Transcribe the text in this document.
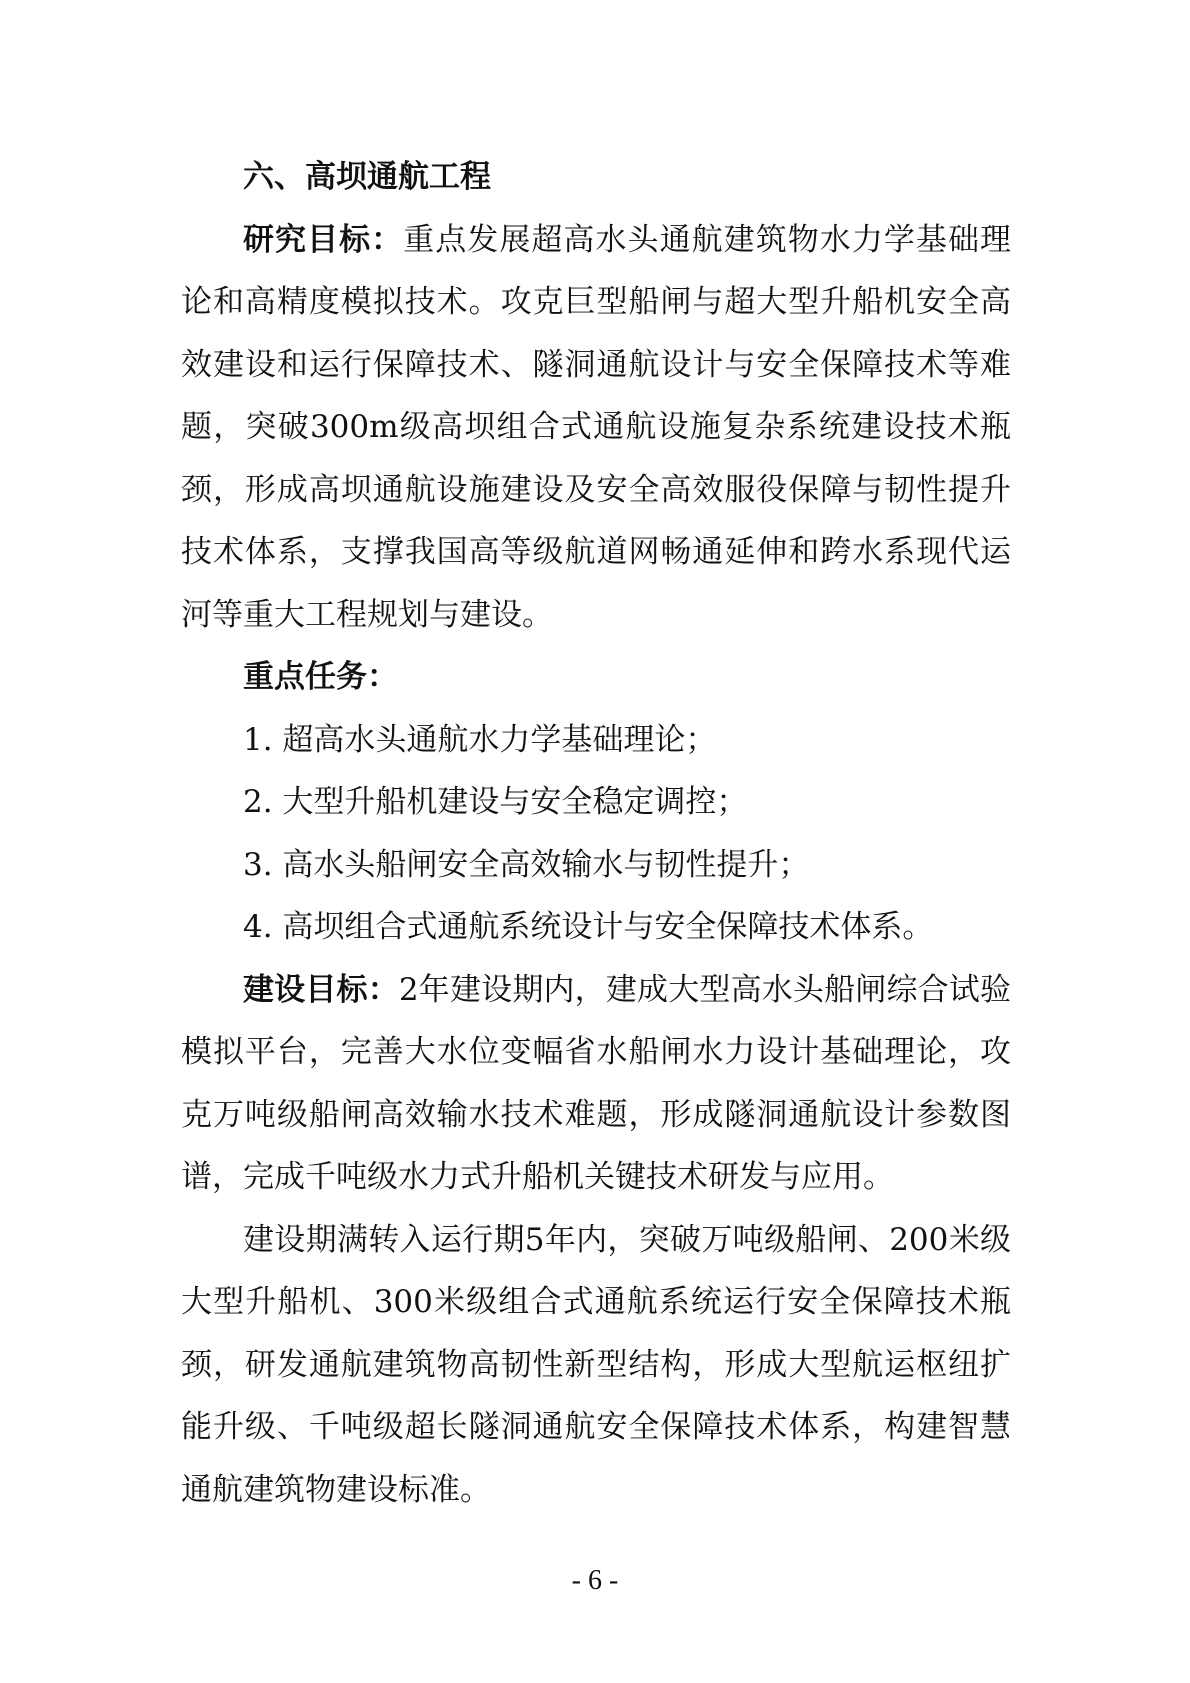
六、高坝通航工程

研究目标：重点发展超高水头通航建筑物水力学基础理论和高精度模拟技术。攻克巨型船闸与超大型升船机安全高效建设和运行保障技术、隧洞通航设计与安全保障技术等难题，突破300m级高坝组合式通航设施复杂系统建设技术瓶颈，形成高坝通航设施建设及安全高效服役保障与韧性提升技术体系，支撑我国高等级航道网畅通延伸和跨水系现代运河等重大工程规划与建设。

重点任务：

1. 超高水头通航水力学基础理论；

2. 大型升船机建设与安全稳定调控；

3. 高水头船闸安全高效输水与韧性提升；

4. 高坝组合式通航系统设计与安全保障技术体系。

建设目标：2年建设期内，建成大型高水头船闸综合试验模拟平台，完善大水位变幅省水船闸水力设计基础理论，攻克万吨级船闸高效输水技术难题，形成隧洞通航设计参数图谱，完成千吨级水力式升船机关键技术研发与应用。

建设期满转入运行期5年内，突破万吨级船闸、200米级大型升船机、300米级组合式通航系统运行安全保障技术瓶颈，研发通航建筑物高韧性新型结构，形成大型航运枢纽扩能升级、千吨级超长隧洞通航安全保障技术体系，构建智慧通航建筑物建设标准。

- 6 -
